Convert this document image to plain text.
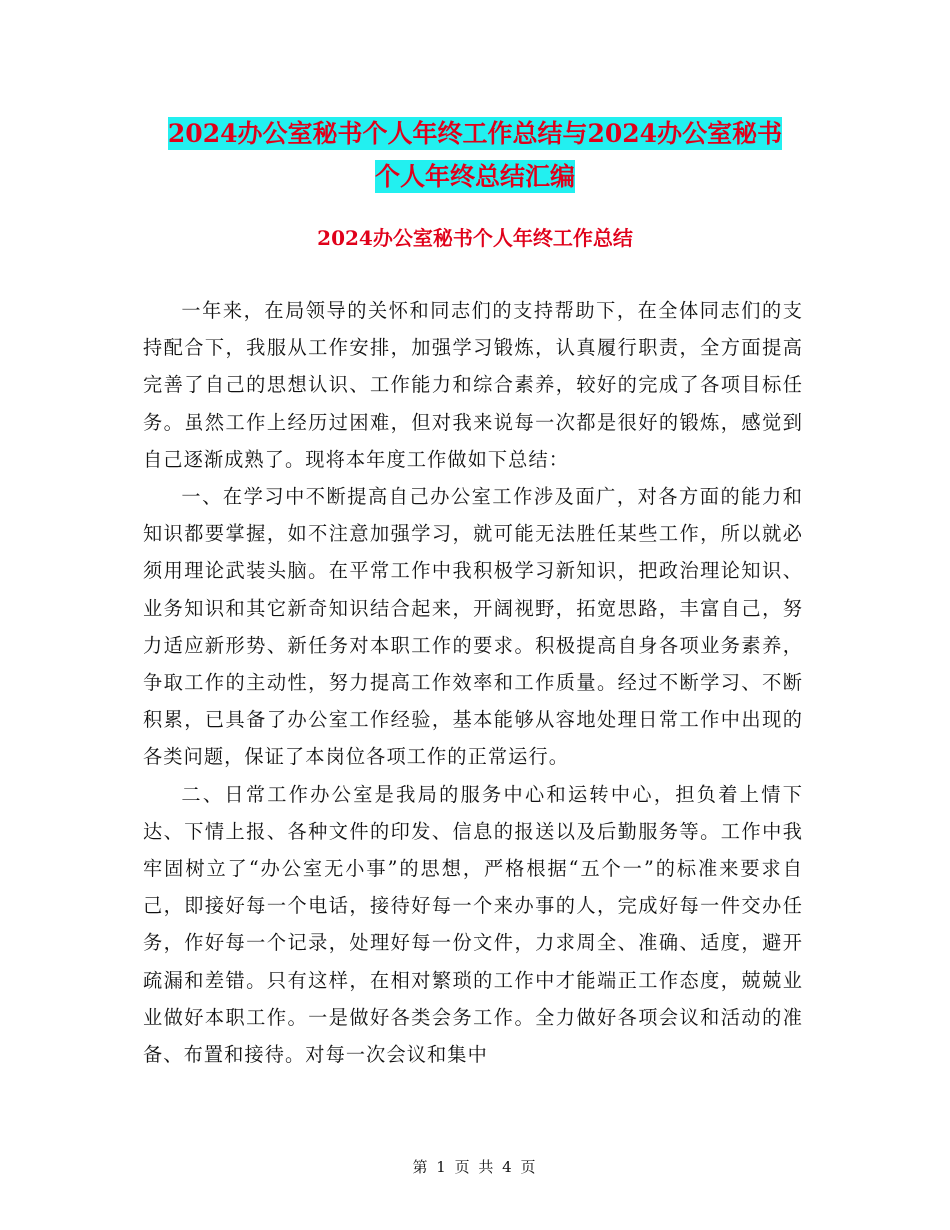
2024办公室秘书个人年终工作总结与2024办公室秘书
个人年终总结汇编
2024办公室秘书个人年终工作总结

一年来，在局领导的关怀和同志们的支持帮助下，在全体同志们的支持配合下，我服从工作安排，加强学习锻炼，认真履行职责，全方面提高完善了自己的思想认识、工作能力和综合素养，较好的完成了各项目标任务。虽然工作上经历过困难，但对我来说每一次都是很好的锻炼，感觉到自己逐渐成熟了。现将本年度工作做如下总结：

一、在学习中不断提高自己办公室工作涉及面广，对各方面的能力和知识都要掌握，如不注意加强学习，就可能无法胜任某些工作，所以就必须用理论武装头脑。在平常工作中我积极学习新知识，把政治理论知识、业务知识和其它新奇知识结合起来，开阔视野，拓宽思路，丰富自己，努力适应新形势、新任务对本职工作的要求。积极提高自身各项业务素养，争取工作的主动性，努力提高工作效率和工作质量。经过不断学习、不断积累，已具备了办公室工作经验，基本能够从容地处理日常工作中出现的各类问题，保证了本岗位各项工作的正常运行。

二、日常工作办公室是我局的服务中心和运转中心，担负着上情下达、下情上报、各种文件的印发、信息的报送以及后勤服务等。工作中我牢固树立了“办公室无小事”的思想，严格根据“五个一”的标准来要求自己，即接好每一个电话，接待好每一个来办事的人，完成好每一件交办任务，作好每一个记录，处理好每一份文件，力求周全、准确、适度，避开疏漏和差错。只有这样，在相对繁琐的工作中才能端正工作态度，兢兢业业做好本职工作。一是做好各类会务工作。全力做好各项会议和活动的准备、布置和接待。对每一次会议和集中

第 1 页 共 4 页
